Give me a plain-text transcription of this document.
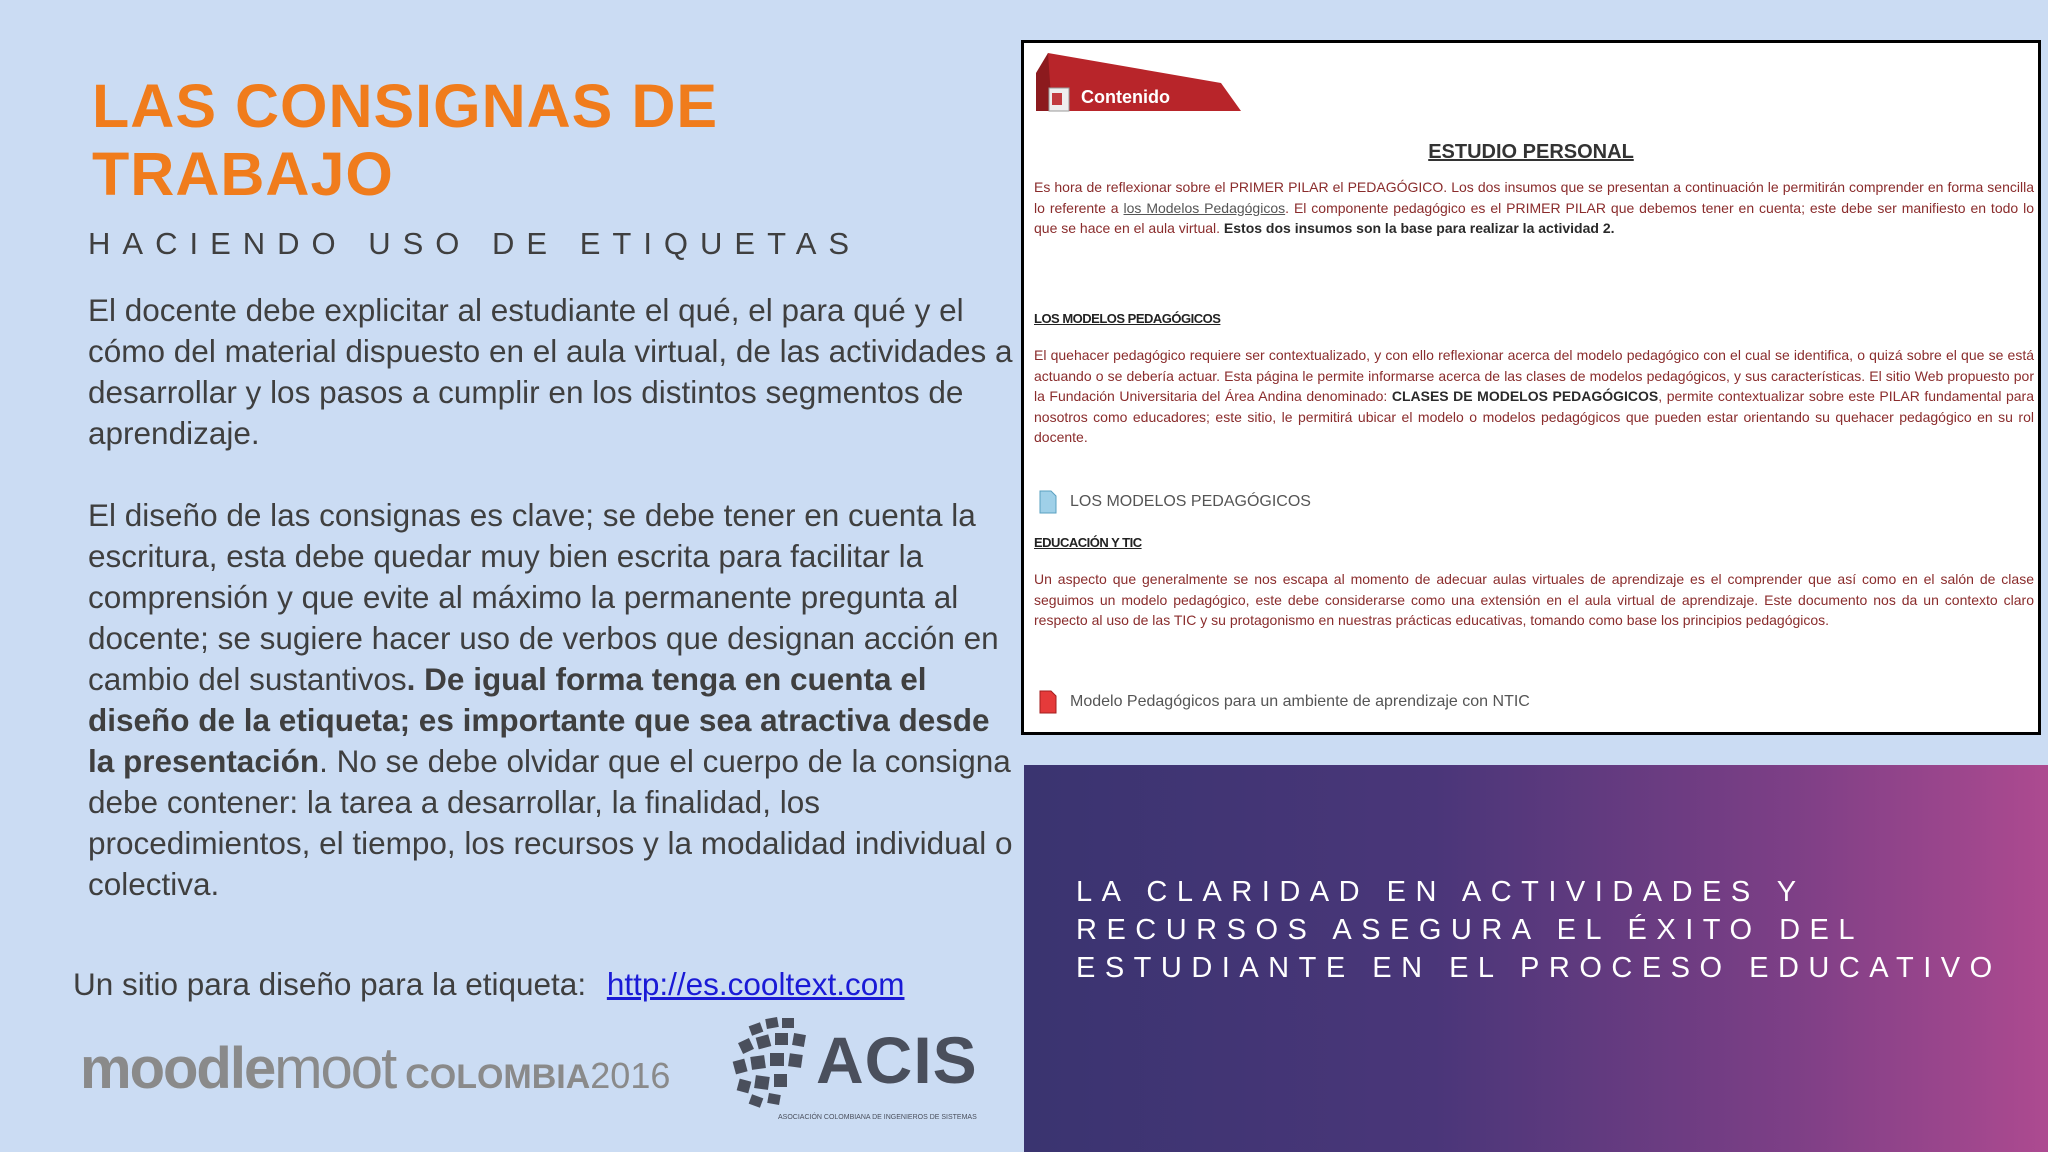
LAS CONSIGNAS DE
TRABAJO
HACIENDO USO DE ETIQUETAS

El docente debe explicitar al estudiante el qué, el para qué y el cómo del material dispuesto en el aula virtual, de las actividades a desarrollar y los pasos a cumplir en los distintos segmentos de aprendizaje.

El diseño de las consignas es clave; se debe tener en cuenta la escritura, esta debe quedar muy bien escrita para facilitar la comprensión y que evite al máximo la permanente pregunta al docente; se sugiere hacer uso de verbos que designan acción en cambio del sustantivos. De igual forma tenga en cuenta el diseño de la etiqueta; es importante que sea atractiva desde la presentación. No se debe olvidar que el cuerpo de la consigna debe contener: la tarea a desarrollar, la finalidad, los procedimientos, el tiempo, los recursos y la modalidad individual o colectiva.

Un sitio para diseño para la etiqueta: http://es.cooltext.com
moodlemoot COLOMBIA2016 ACIS
ASOCIACIÓN COLOMBIANA DE INGENIEROS DE SISTEMAS
Contenido
ESTUDIO PERSONAL
Es hora de reflexionar sobre el PRIMER PILAR el PEDAGÓGICO. Los dos insumos que se presentan a continuación le permitirán comprender en forma sencilla lo referente a los Modelos Pedagógicos. El componente pedagógico es el PRIMER PILAR que debemos tener en cuenta; este debe ser manifiesto en todo lo que se hace en el aula virtual. Estos dos insumos son la base para realizar la actividad 2.
LOS MODELOS PEDAGÓGICOS
El quehacer pedagógico requiere ser contextualizado, y con ello reflexionar acerca del modelo pedagógico con el cual se identifica, o quizá sobre el que se está actuando o se debería actuar. Esta página le permite informarse acerca de las clases de modelos pedagógicos, y sus características. El sitio Web propuesto por la Fundación Universitaria del Área Andina denominado: CLASES DE MODELOS PEDAGÓGICOS, permite contextualizar sobre este PILAR fundamental para nosotros como educadores; este sitio, le permitirá ubicar el modelo o modelos pedagógicos que pueden estar orientando su quehacer pedagógico en su rol docente.
LOS MODELOS PEDAGÓGICOS
EDUCACIÓN Y TIC
Un aspecto que generalmente se nos escapa al momento de adecuar aulas virtuales de aprendizaje es el comprender que así como en el salón de clase seguimos un modelo pedagógico, este debe considerarse como una extensión en el aula virtual de aprendizaje. Este documento nos da un contexto claro respecto al uso de las TIC y su protagonismo en nuestras prácticas educativas, tomando como base los principios pedagógicos.
Modelo Pedagógicos para un ambiente de aprendizaje con NTIC
LA CLARIDAD EN ACTIVIDADES Y RECURSOS ASEGURA EL ÉXITO DEL ESTUDIANTE EN EL PROCESO EDUCATIVO
